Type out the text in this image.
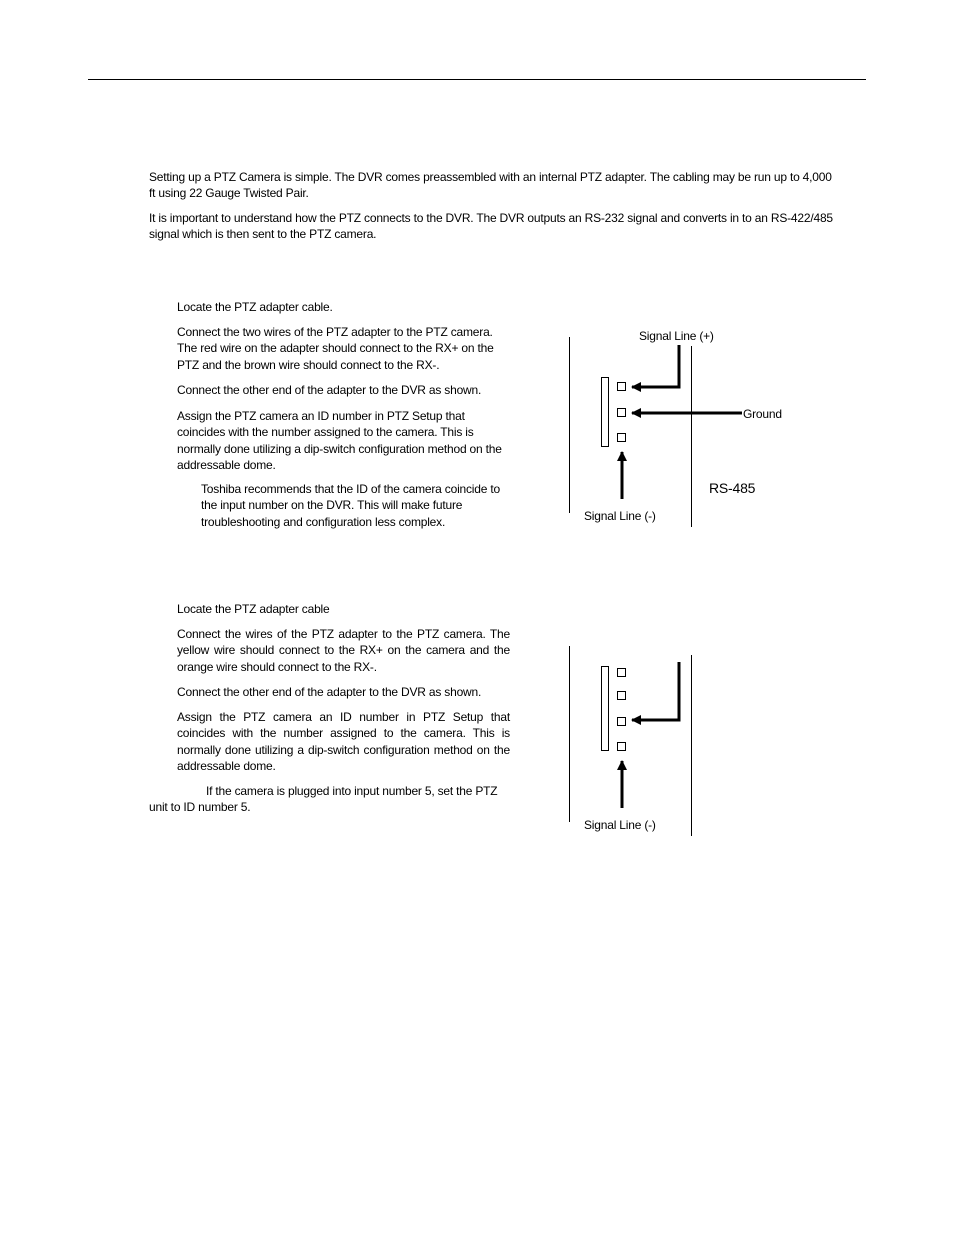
Setting up a PTZ Camera is simple. The DVR comes preassembled with an internal PTZ adapter. The cabling may be run up to 4,000 ft using 22 Gauge Twisted Pair.

It is important to understand how the PTZ connects to the DVR. The DVR outputs an RS-232 signal and converts in to an RS-422/485 signal which is then sent to the PTZ camera.

Locate the PTZ adapter cable.

Connect the two wires of the PTZ adapter to the PTZ camera. The red wire on the adapter should connect to the RX+ on the PTZ and the brown wire should connect to the RX-.

Connect the other end of the adapter to the DVR as shown.

Assign the PTZ camera an ID number in PTZ Setup that coincides with the number assigned to the camera. This is normally done utilizing a dip-switch configuration method on the addressable dome.

Toshiba recommends that the ID of the camera coincide to the input number on the DVR. This will make future troubleshooting and configuration less complex.

Locate the PTZ adapter cable

Connect the wires of the PTZ adapter to the PTZ camera. The yellow wire should connect to the RX+ on the camera and the orange wire should connect to the RX-.

Connect the other end of the adapter to the DVR as shown.

Assign the PTZ camera an ID number in PTZ Setup that coincides with the number assigned to the camera. This is normally done utilizing a dip-switch configuration method on the addressable dome.

If the camera is plugged into input number 5, set the PTZ unit to ID number 5.

Signal Line (+)
Ground
Signal Line (-)
RS-485
Signal Line (-)
